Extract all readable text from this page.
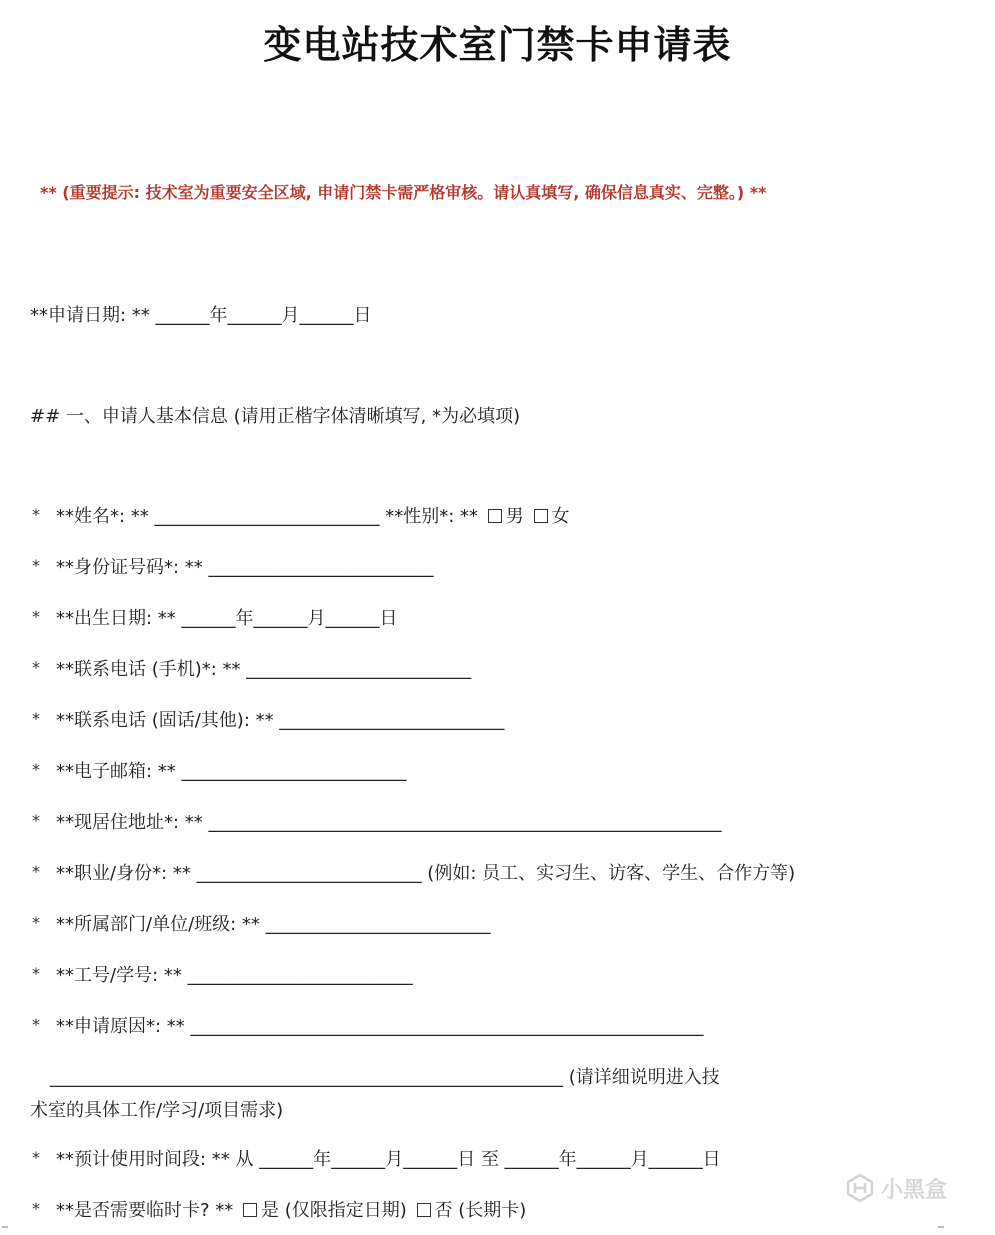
变电站技术室门禁卡申请表
** (重要提示: 技术室为重要安全区域, 申请门禁卡需严格审核。请认真填写, 确保信息真实、完整。) **
**申请日期: ** ______年______月______日
## 一、申请人基本信息 (请用正楷字体清晰填写, *为必填项)
* **姓名*: ** _________________________ **性别*: ** 男 女
* **身份证号码*: ** _________________________
* **出生日期: ** ______年______月______日
* **联系电话 (手机)*: ** _________________________
* **联系电话 (固话/其他): ** _________________________
* **电子邮箱: ** _________________________
* **现居住地址*: ** _________________________________________________________
* **职业/身份*: ** _________________________ (例如: 员工、实习生、访客、学生、合作方等)
* **所属部门/单位/班级: ** _________________________
* **工号/学号: ** _________________________
* **申请原因*: ** _________________________________________________________
_________________________________________________________ (请详细说明进入技
术室的具体工作/学习/项目需求)
* **预计使用时间段: ** 从 ______年______月______日 至 ______年______月______日
* **是否需要临时卡? ** 是 (仅限指定日期) 否 (长期卡)
小黑盒
